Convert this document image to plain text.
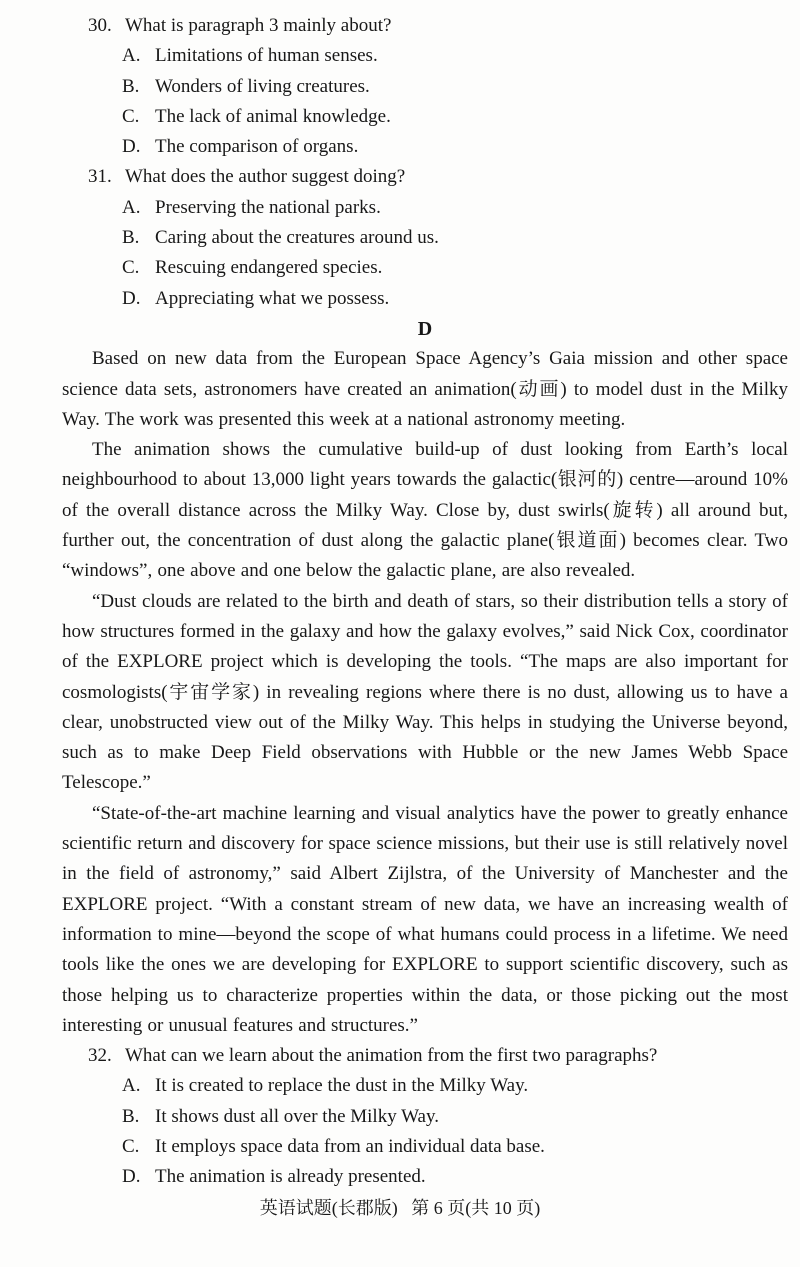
30. What is paragraph 3 mainly about?
A. Limitations of human senses.
B. Wonders of living creatures.
C. The lack of animal knowledge.
D. The comparison of organs.
31. What does the author suggest doing?
A. Preserving the national parks.
B. Caring about the creatures around us.
C. Rescuing endangered species.
D. Appreciating what we possess.
D

Based on new data from the European Space Agency’s Gaia mission and other space science data sets, astronomers have created an animation(动画) to model dust in the Milky Way. The work was presented this week at a national astronomy meeting.

The animation shows the cumulative build-up of dust looking from Earth’s local neighbourhood to about 13,000 light years towards the galactic(银河的) centre—around 10% of the overall distance across the Milky Way. Close by, dust swirls(旋转) all around but, further out, the concentration of dust along the galactic plane(银道面) becomes clear. Two “windows”, one above and one below the galactic plane, are also revealed.

“Dust clouds are related to the birth and death of stars, so their distribution tells a story of how structures formed in the galaxy and how the galaxy evolves,” said Nick Cox, coordinator of the EXPLORE project which is developing the tools. “The maps are also important for cosmologists(宇宙学家) in revealing regions where there is no dust, allowing us to have a clear, unobstructed view out of the Milky Way. This helps in studying the Universe beyond, such as to make Deep Field observations with Hubble or the new James Webb Space Telescope.”

“State-of-the-art machine learning and visual analytics have the power to greatly enhance scientific return and discovery for space science missions, but their use is still relatively novel in the field of astronomy,” said Albert Zijlstra, of the University of Manchester and the EXPLORE project. “With a constant stream of new data, we have an increasing wealth of information to mine—beyond the scope of what humans could process in a lifetime. We need tools like the ones we are developing for EXPLORE to support scientific discovery, such as those helping us to characterize properties within the data, or those picking out the most interesting or unusual features and structures.”

32. What can we learn about the animation from the first two paragraphs?
A. It is created to replace the dust in the Milky Way.
B. It shows dust all over the Milky Way.
C. It employs space data from an individual data base.
D. The animation is already presented.
英语试题(长郡版)   第 6 页(共 10 页)
